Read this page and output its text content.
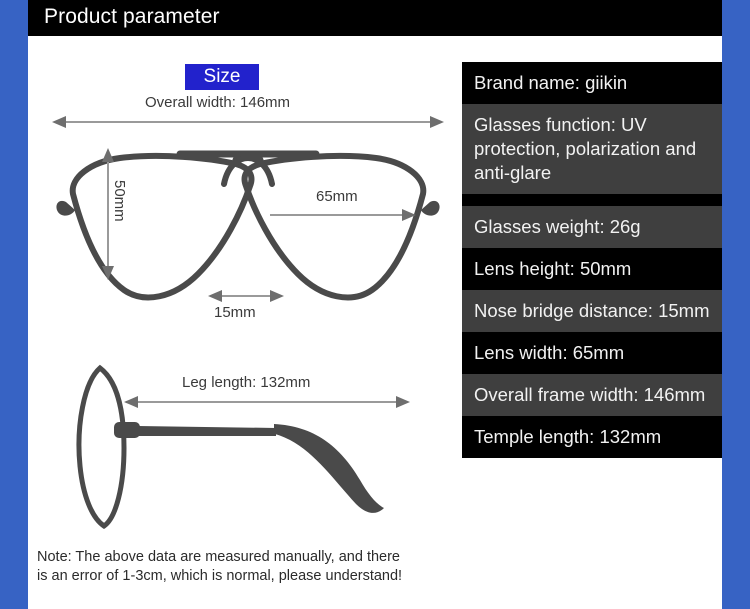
Product parameter
Size
Overall width: 146mm
50mm	65mm
15mm
Leg length: 132mm
Note: The above data are measured manually, and there
is an error of 1-3cm, which is normal, please understand!
Brand name: giikin
Glasses function: UV protection, polarization and anti-glare
Glasses weight: 26g
Lens height: 50mm
Nose bridge distance: 15mm
Lens width: 65mm
Overall frame width: 146mm
Temple length: 132mm
